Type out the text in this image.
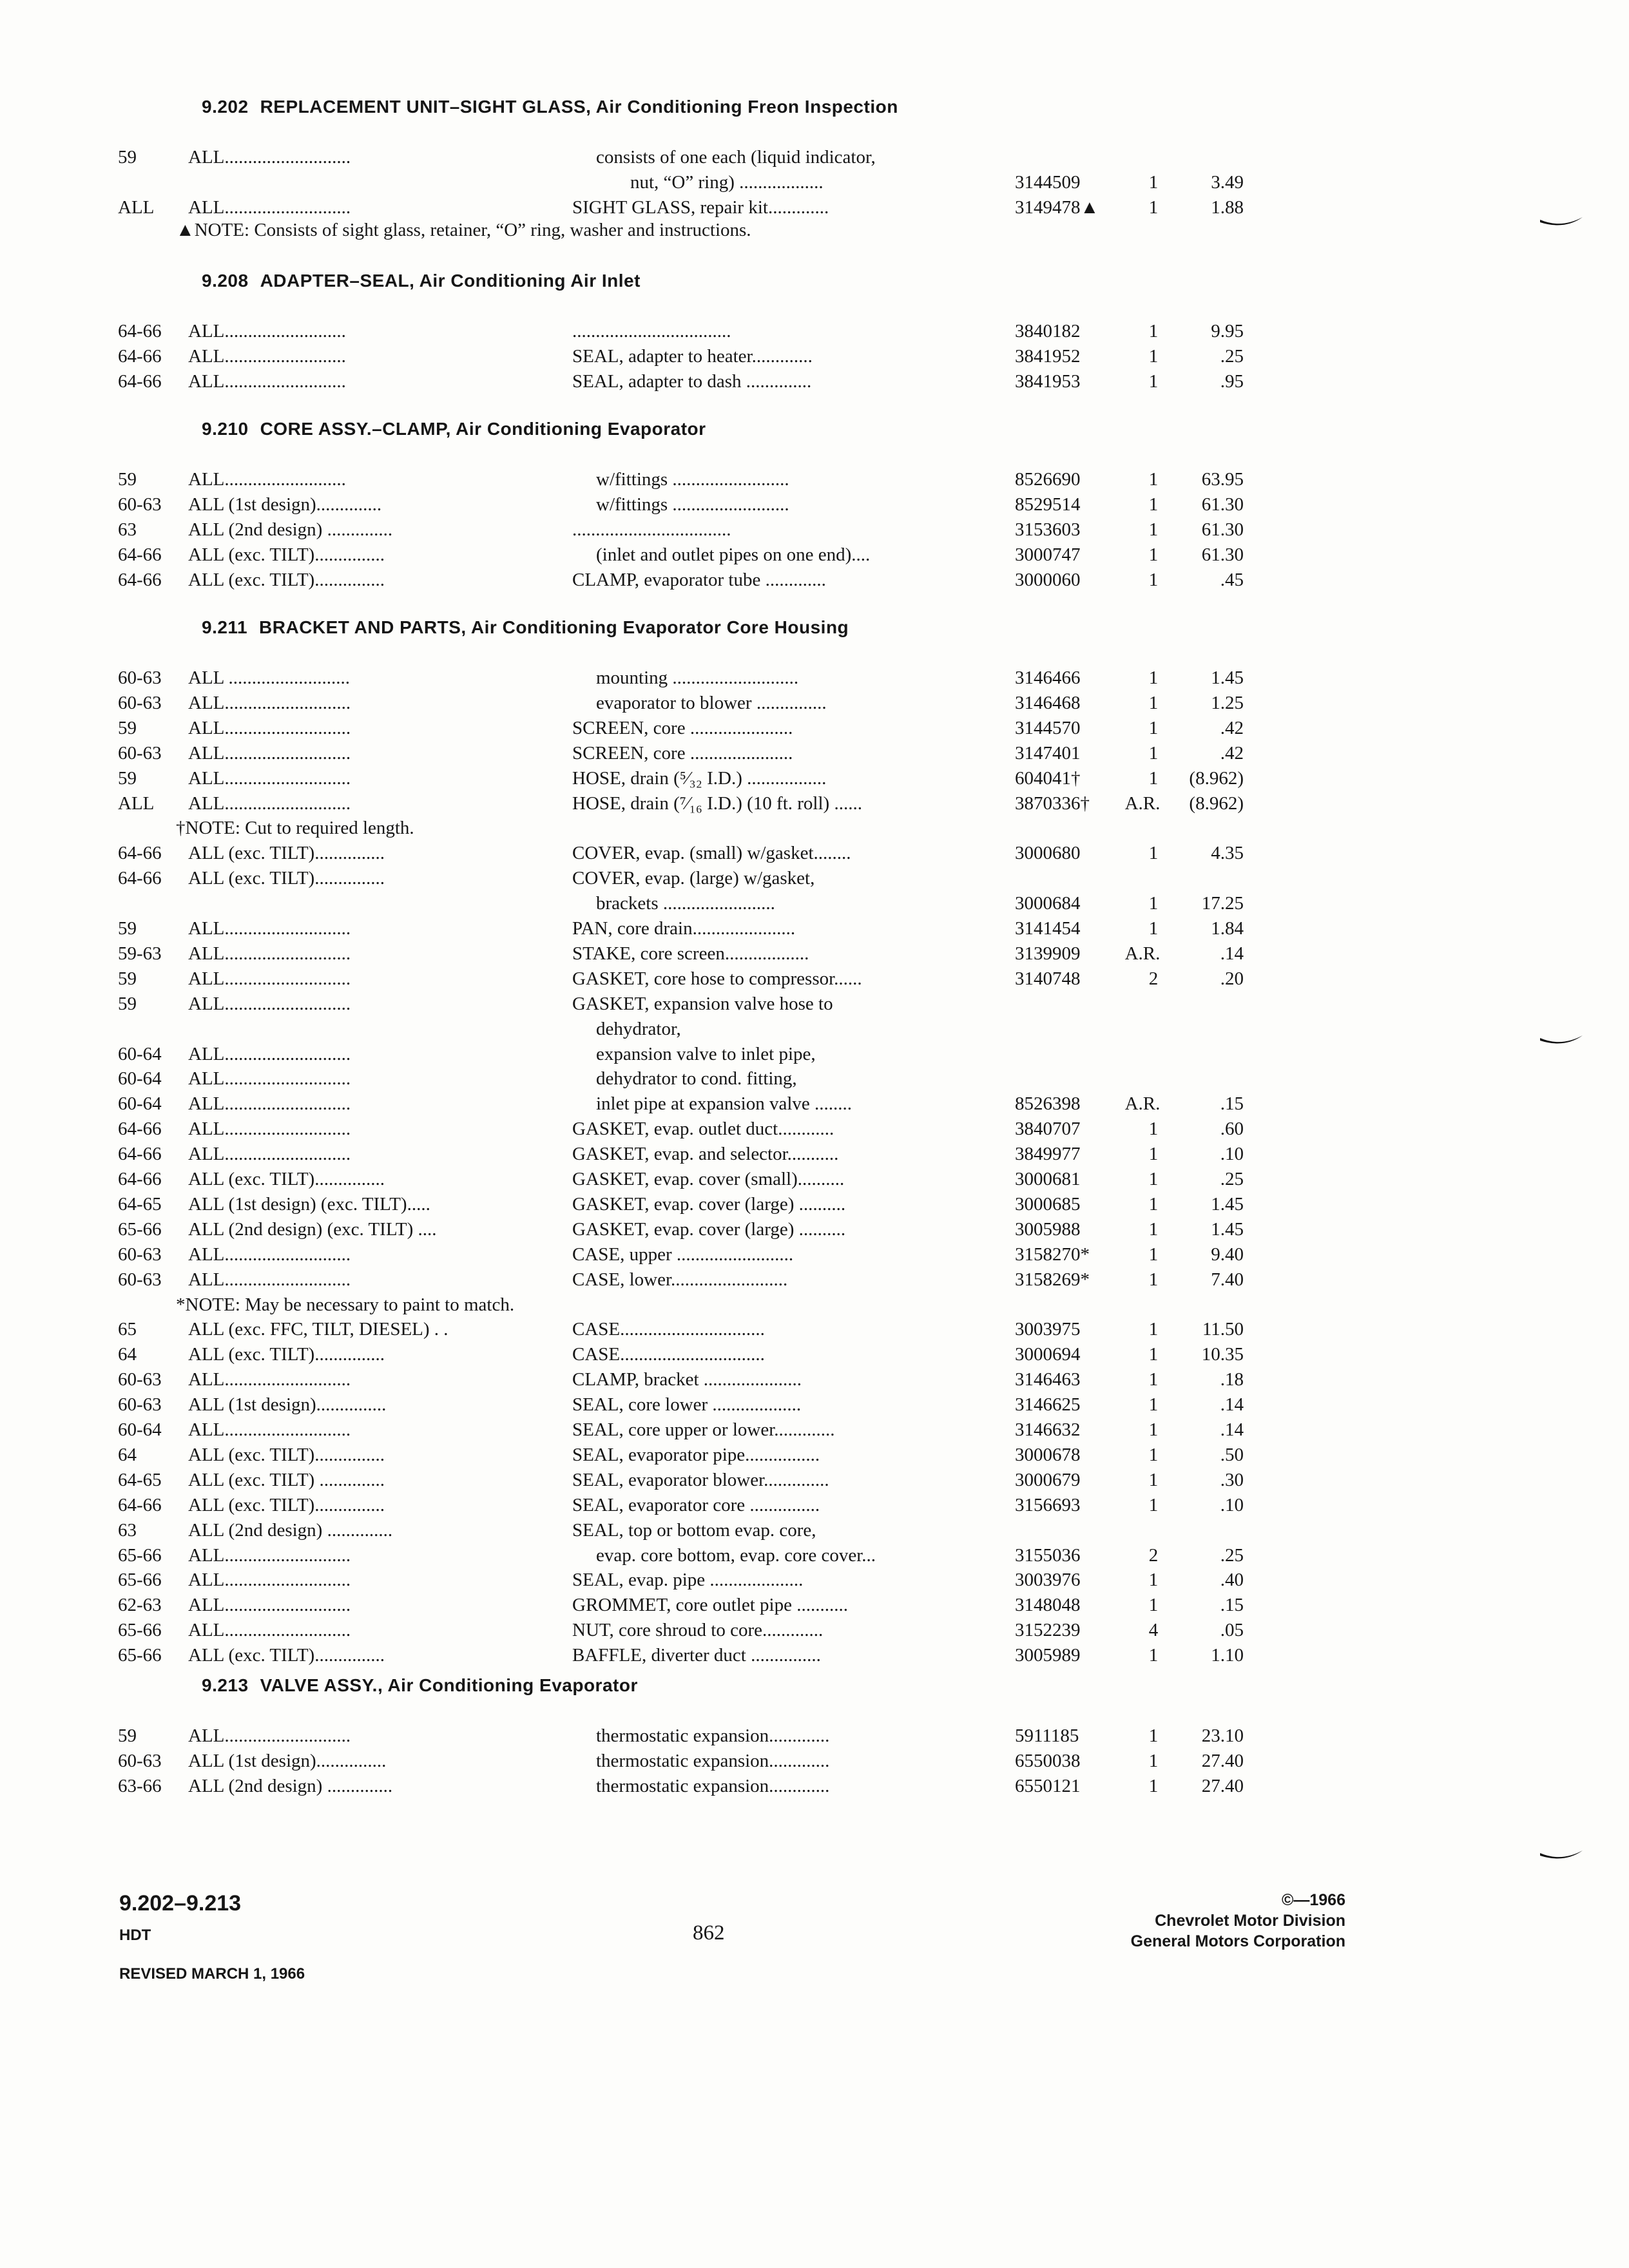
9.202 REPLACEMENT UNIT–SIGHT GLASS, Air Conditioning Freon Inspection
59	ALL...........................	consists of one each (liquid indicator,
nut, “O” ring) ..................	3144509	1	3.49
ALL ALL...........................	SIGHT GLASS, repair kit.............	3149478▲	1	1.88
▲NOTE: Consists of sight glass, retainer, “O” ring, washer and instructions.
9.208 ADAPTER–SEAL, Air Conditioning Air Inlet
64-66 ALL..........................	..................................	3840182	1	9.95
64-66 ALL..........................	SEAL, adapter to heater.............	3841952	1	.25
64-66 ALL..........................	SEAL, adapter to dash ..............	3841953	1	.95
9.210 CORE ASSY.–CLAMP, Air Conditioning Evaporator
59	ALL..........................	w/fittings .........................	8526690	1	63.95
60-63 ALL (1st design)..............	w/fittings .........................	8529514	1	61.30
63	ALL (2nd design) ..............	..................................	3153603	1	61.30
64-66 ALL (exc. TILT)...............	(inlet and outlet pipes on one end)....	3000747	1	61.30
64-66 ALL (exc. TILT)...............	CLAMP, evaporator tube .............	3000060	1	.45
9.211 BRACKET AND PARTS, Air Conditioning Evaporator Core Housing
60-63 ALL ..........................	mounting ...........................	3146466	1	1.45
60-63 ALL...........................	evaporator to blower ...............	3146468	1	1.25
59	ALL...........................	SCREEN, core ......................	3144570	1	.42
60-63 ALL...........................	SCREEN, core ......................	3147401	1	.42
59	ALL...........................	HOSE, drain (⁵⁄₃₂ I.D.) .................	604041†	1	(8.962)
ALL ALL...........................	HOSE, drain (⁷⁄₁₆ I.D.) (10 ft. roll) ......	3870336†	A.R.	(8.962)
†NOTE: Cut to required length.
64-66 ALL (exc. TILT)...............	COVER, evap. (small) w/gasket........	3000680	1	4.35
64-66 ALL (exc. TILT)...............	COVER, evap. (large) w/gasket,
brackets ........................	3000684	1	17.25
59	ALL...........................	PAN, core drain......................	3141454	1	1.84
59-63 ALL...........................	STAKE, core screen..................	3139909	A.R.	.14
59	ALL...........................	GASKET, core hose to compressor......	3140748	2	.20
59	ALL...........................	GASKET, expansion valve hose to
dehydrator,
60-64 ALL...........................	expansion valve to inlet pipe,
60-64 ALL...........................	dehydrator to cond. fitting,
60-64 ALL...........................	inlet pipe at expansion valve ........	8526398	A.R.	.15
64-66 ALL...........................	GASKET, evap. outlet duct............	3840707	1	.60
64-66 ALL...........................	GASKET, evap. and selector...........	3849977	1	.10
64-66 ALL (exc. TILT)...............	GASKET, evap. cover (small)..........	3000681	1	.25
64-65 ALL (1st design) (exc. TILT).....	GASKET, evap. cover (large) ..........	3000685	1	1.45
65-66 ALL (2nd design) (exc. TILT) ....	GASKET, evap. cover (large) ..........	3005988	1	1.45
60-63 ALL...........................	CASE, upper .........................	3158270*	1	9.40
60-63 ALL...........................	CASE, lower.........................	3158269*	1	7.40
*NOTE: May be necessary to paint to match.
65	ALL (exc. FFC, TILT, DIESEL) . .	CASE...............................	3003975	1	11.50
64	ALL (exc. TILT)...............	CASE...............................	3000694	1	10.35
60-63 ALL...........................	CLAMP, bracket .....................	3146463	1	.18
60-63 ALL (1st design)...............	SEAL, core lower ...................	3146625	1	.14
60-64 ALL...........................	SEAL, core upper or lower.............	3146632	1	.14
64	ALL (exc. TILT)...............	SEAL, evaporator pipe................	3000678	1	.50
64-65 ALL (exc. TILT) ..............	SEAL, evaporator blower..............	3000679	1	.30
64-66 ALL (exc. TILT)...............	SEAL, evaporator core ...............	3156693	1	.10
63	ALL (2nd design) ..............	SEAL, top or bottom evap. core,
65-66 ALL...........................	evap. core bottom, evap. core cover...	3155036	2	.25
65-66 ALL...........................	SEAL, evap. pipe ....................	3003976	1	.40
62-63 ALL...........................	GROMMET, core outlet pipe ...........	3148048	1	.15
65-66 ALL...........................	NUT, core shroud to core.............	3152239	4	.05
65-66 ALL (exc. TILT)...............	BAFFLE, diverter duct ...............	3005989	1	1.10
9.213 VALVE ASSY., Air Conditioning Evaporator
59	ALL...........................	thermostatic expansion.............	5911185	1	23.10
60-63 ALL (1st design)...............	thermostatic expansion.............	6550038	1	27.40
63-66 ALL (2nd design) ..............	thermostatic expansion.............	6550121	1	27.40
9.202–9.213
HDT
REVISED MARCH 1, 1966
862
©—1966
Chevrolet Motor Division
General Motors Corporation
